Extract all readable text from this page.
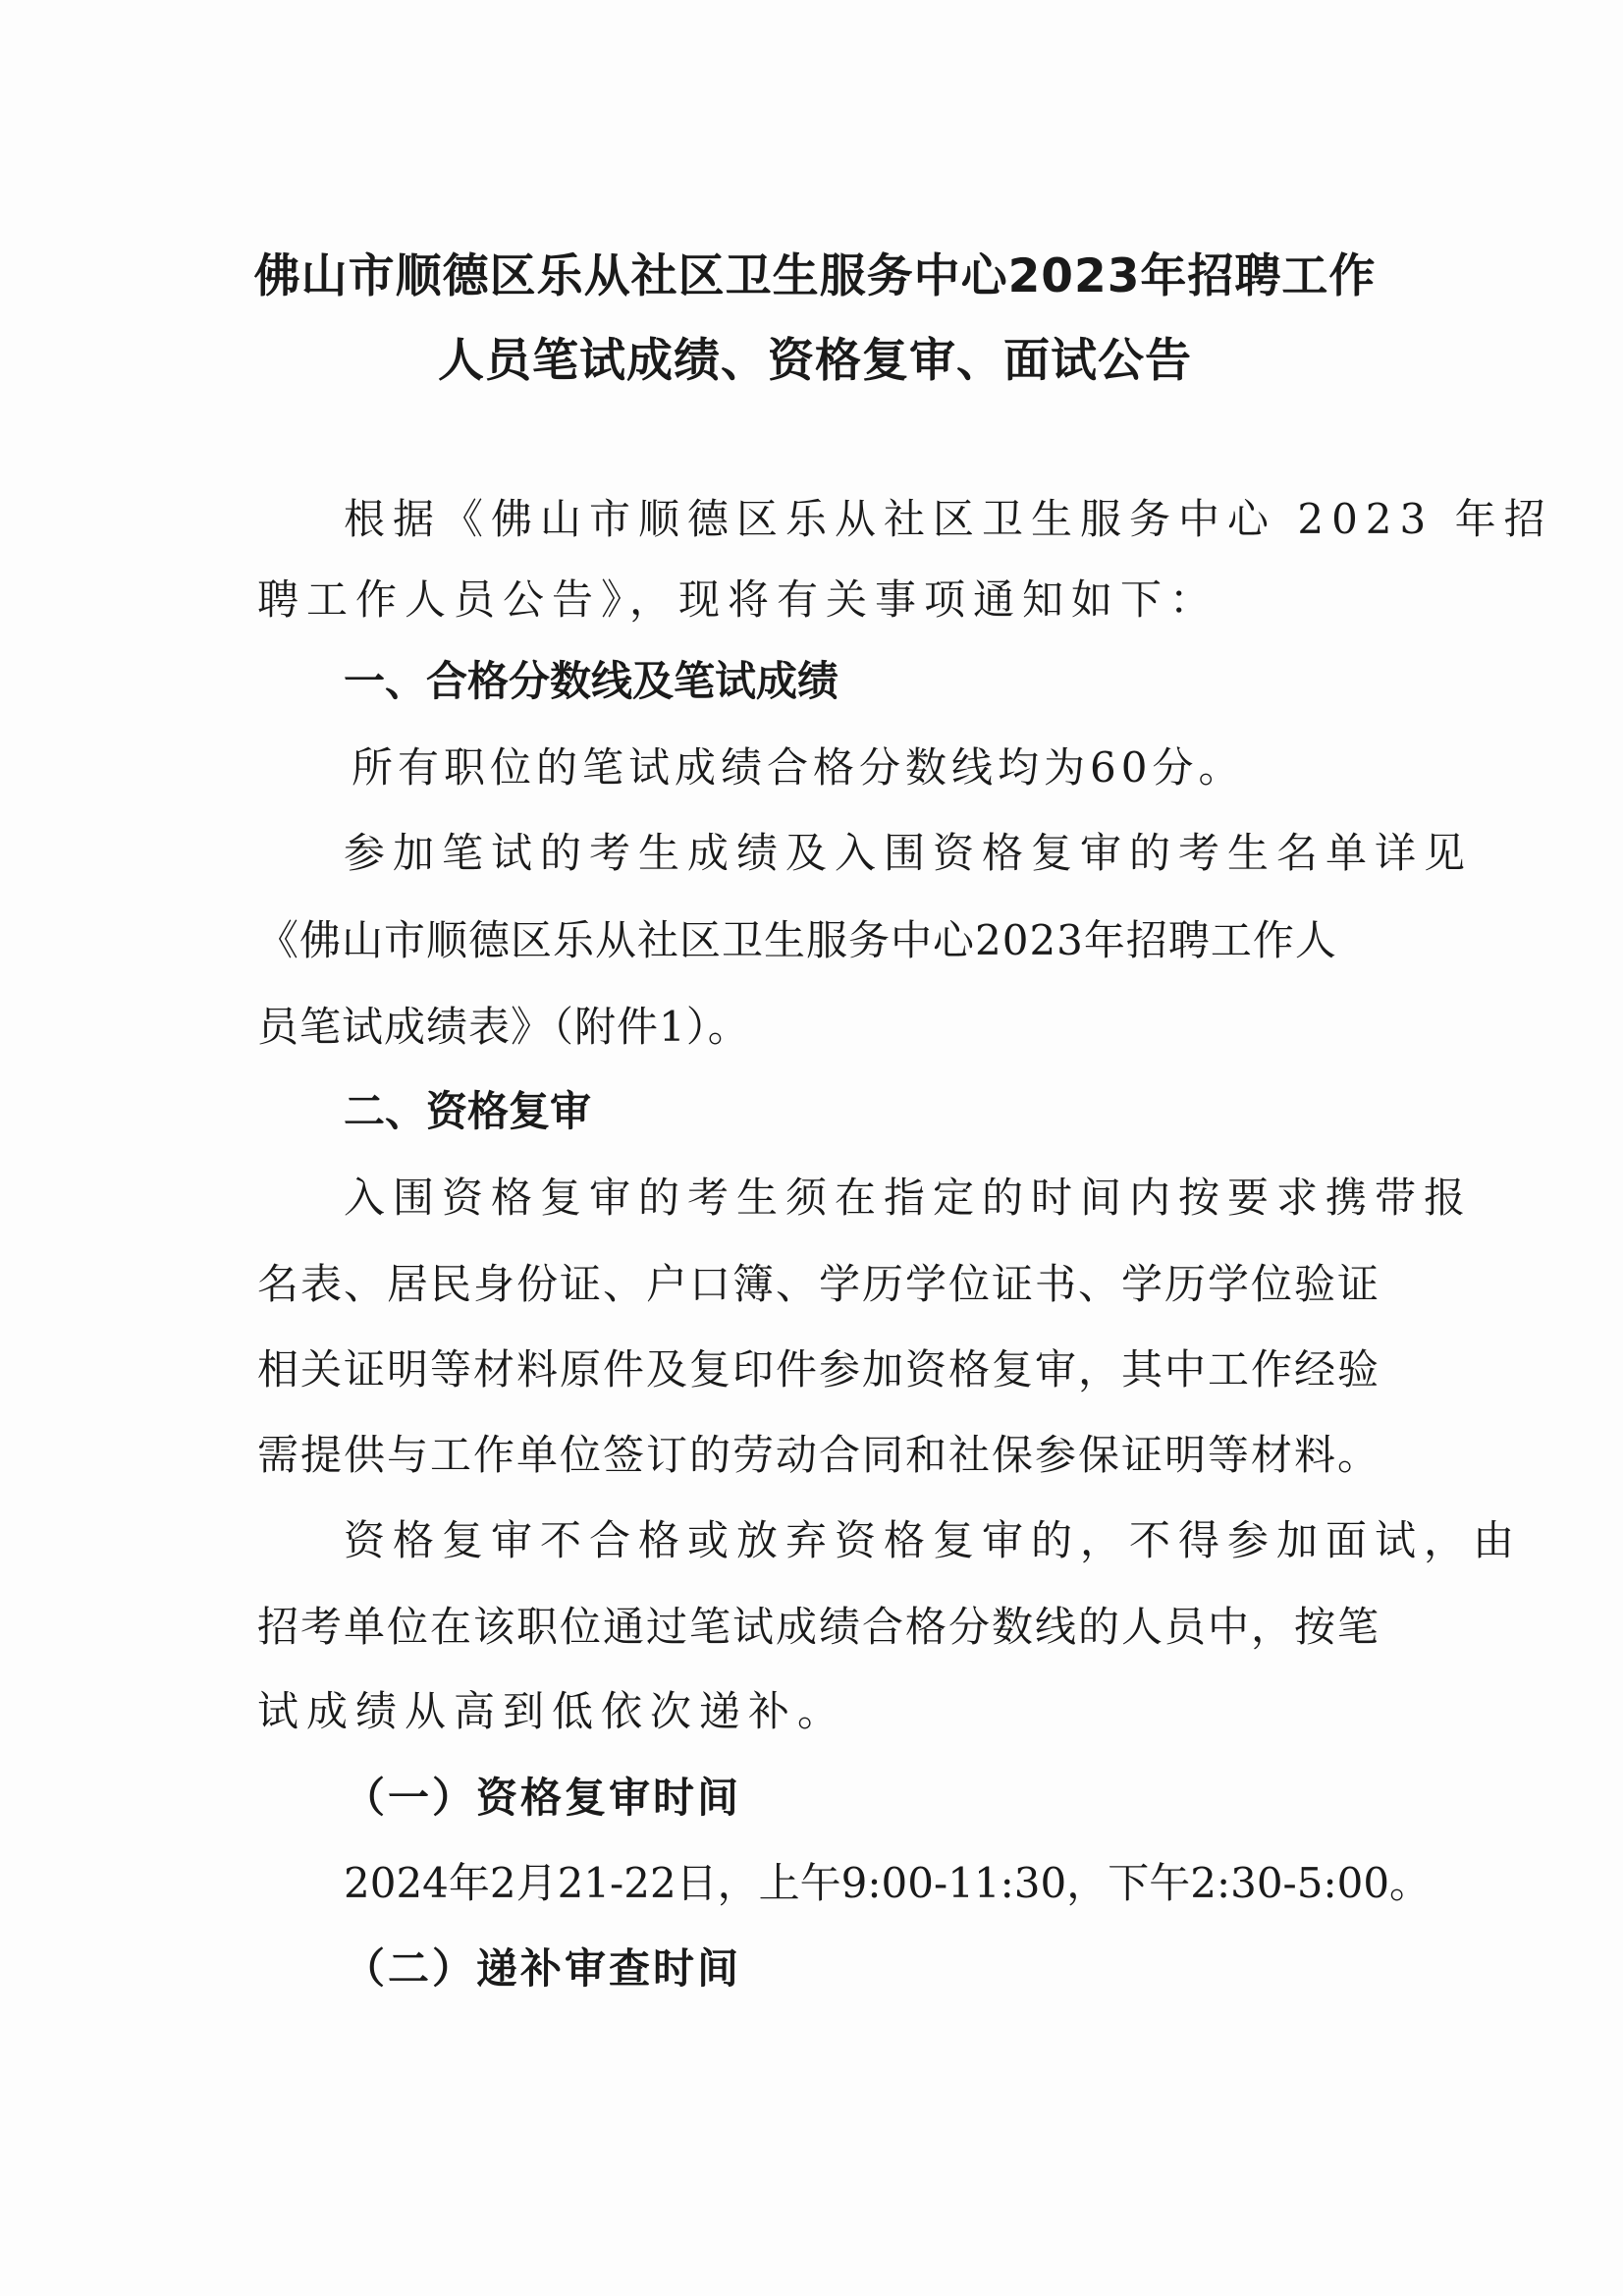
佛山市顺德区乐从社区卫生服务中心2023年招聘工作
人员笔试成绩、资格复审、面试公告
根据《佛山市顺德区乐从社区卫生服务中心 2023 年招
聘工作人员公告》，现将有关事项通知如下：
一、合格分数线及笔试成绩
所有职位的笔试成绩合格分数线均为60分。
参加笔试的考生成绩及入围资格复审的考生名单详见
《佛山市顺德区乐从社区卫生服务中心2023年招聘工作人
员笔试成绩表》（附件1）。
二、资格复审
入围资格复审的考生须在指定的时间内按要求携带报
名表、居民身份证、户口簿、学历学位证书、学历学位验证
相关证明等材料原件及复印件参加资格复审，其中工作经验
需提供与工作单位签订的劳动合同和社保参保证明等材料。
资格复审不合格或放弃资格复审的，不得参加面试，由
招考单位在该职位通过笔试成绩合格分数线的人员中，按笔
试成绩从高到低依次递补。
（一）资格复审时间
2024年2月21-22日，上午9:00-11:30，下午2:30-5:00。
（二）递补审查时间
